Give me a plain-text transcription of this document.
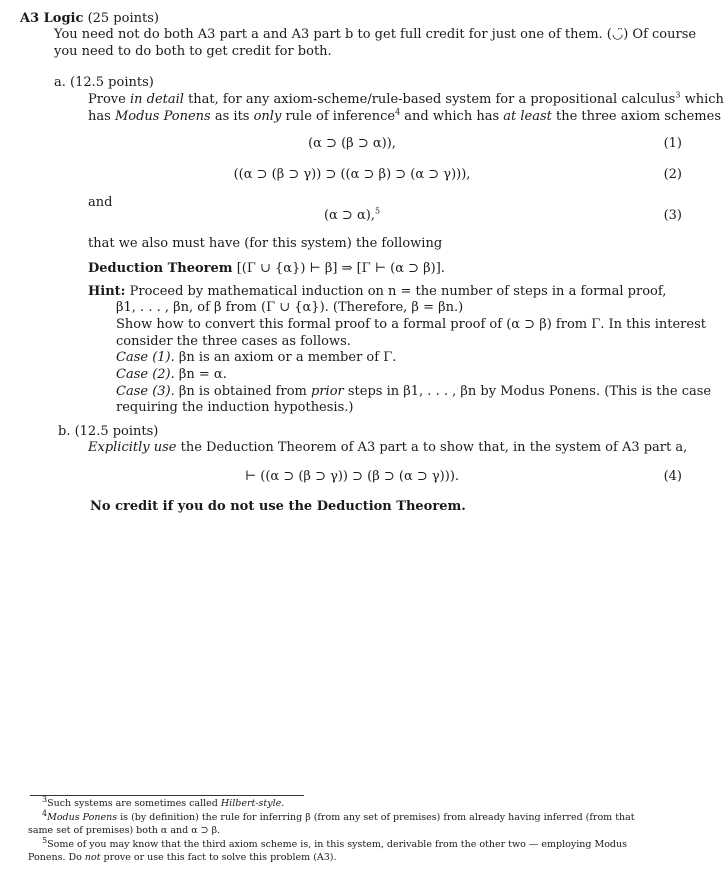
A3 Logic (25 points)
You need not do both A3 part a and A3 part b to get full credit for just one of them. (◡̈) Of course
you need to do both to get credit for both.
a. (12.5 points)
Prove in detail that, for any axiom-scheme/rule-based system for a propositional calculus$^3$ which
has Modus Ponens as its only rule of inference$^4$ and which has at least the three axiom schemes
(α ⊃ (β ⊃ α)),	(1)
((α ⊃ (β ⊃ γ)) ⊃ ((α ⊃ β) ⊃ (α ⊃ γ))),	(2)
and
(α ⊃ α),$^5$	(3)
that we also must have (for this system) the following
Deduction Theorem [(Γ ∪ {α}) ⊢ β] ⇒ [Γ ⊢ (α ⊃ β)].
Hint: Proceed by mathematical induction on n = the number of steps in a formal proof,
β1, . . . , βn, of β from (Γ ∪ {α}). (Therefore, β = βn.)
Show how to convert this formal proof to a formal proof of (α ⊃ β) from Γ. In this interest
consider the three cases as follows.
Case (1). βn is an axiom or a member of Γ.
Case (2). βn = α.
Case (3). βn is obtained from prior steps in β1, . . . , βn by Modus Ponens. (This is the case
requiring the induction hypothesis.)
b. (12.5 points)
Explicitly use the Deduction Theorem of A3 part a to show that, in the system of A3 part a,
⊢ ((α ⊃ (β ⊃ γ)) ⊃ (β ⊃ (α ⊃ γ))).	(4)
No credit if you do not use the Deduction Theorem.
$^3$Such systems are sometimes called Hilbert-style.
$^4$Modus Ponens is (by definition) the rule for inferring β (from any set of premises) from already having inferred (from that
same set of premises) both α and α ⊃ β.
$^5$Some of you may know that the third axiom scheme is, in this system, derivable from the other two — employing Modus
Ponens. Do not prove or use this fact to solve this problem (A3).
